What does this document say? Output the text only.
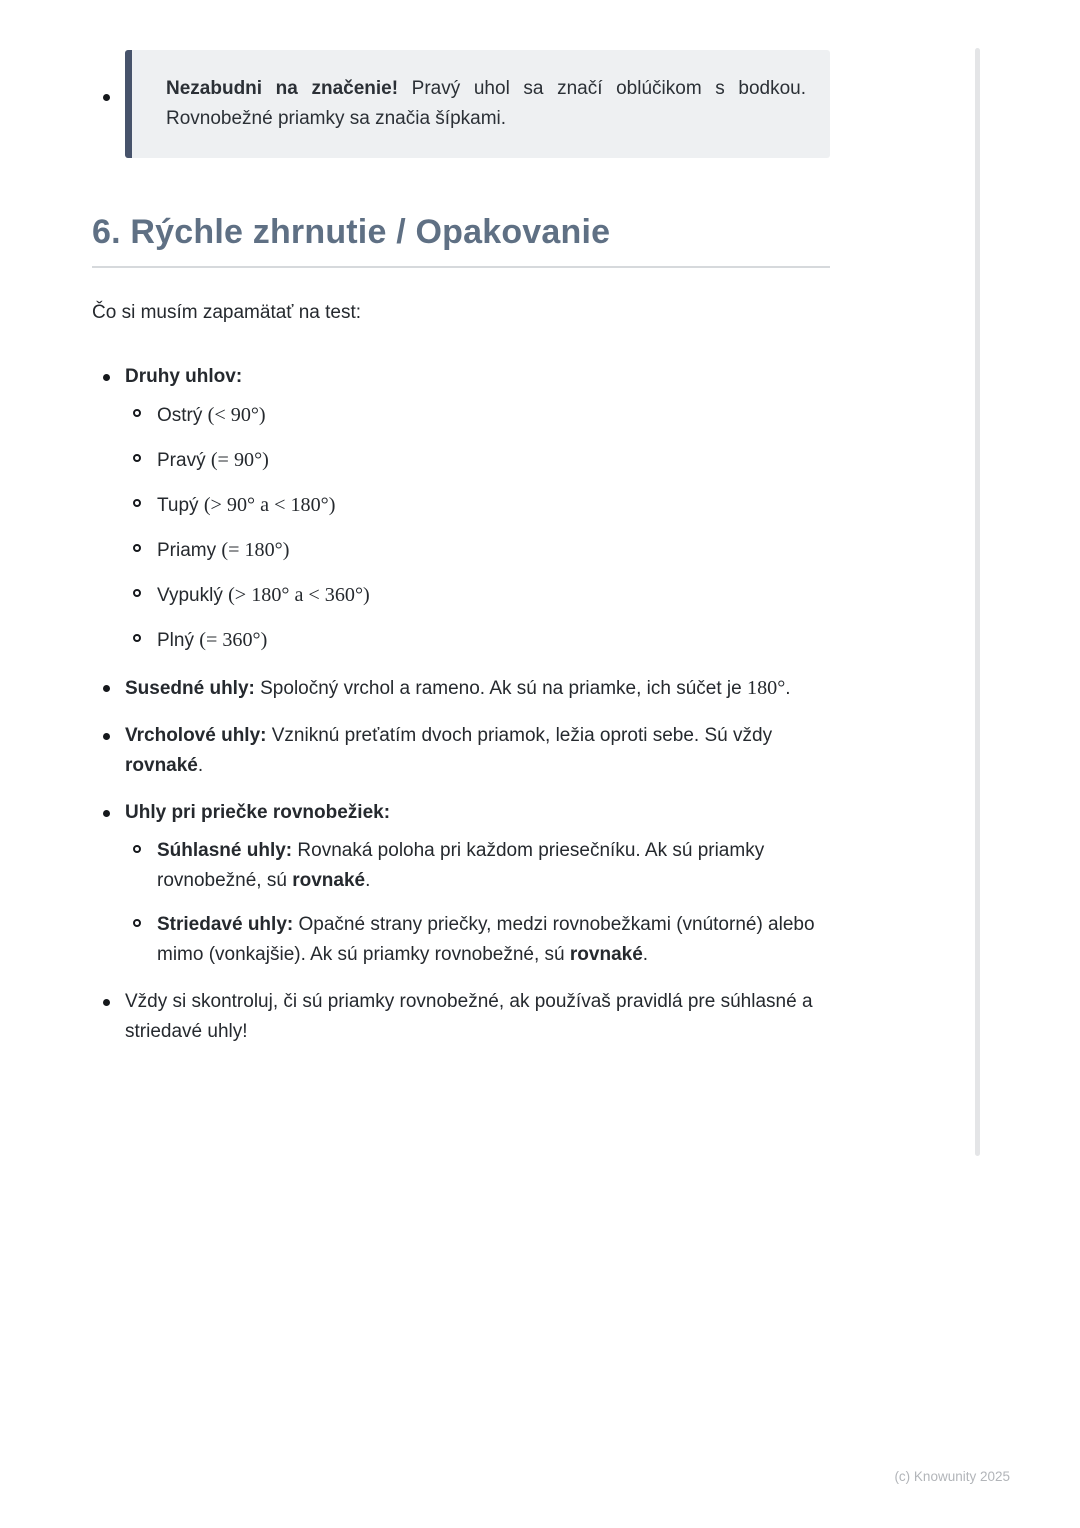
Nezabudni na značenie! Pravý uhol sa značí oblúčikom s bodkou. Rovnobežné priamky sa značia šípkami.
6. Rýchle zhrnutie / Opakovanie

Čo si musím zapamätať na test:

Druhy uhlov:
Ostrý (< 90°)
Pravý (= 90°)
Tupý (> 90° a < 180°)
Priamy (= 180°)
Vypuklý (> 180° a < 360°)
Plný (= 360°)
Susedné uhly: Spoločný vrchol a rameno. Ak sú na priamke, ich súčet je 180°.
Vrcholové uhly: Vzniknú preťatím dvoch priamok, ležia oproti sebe. Sú vždy rovnaké.
Uhly pri priečke rovnobežiek:
Súhlasné uhly: Rovnaká poloha pri každom priesečníku. Ak sú priamky rovnobežné, sú rovnaké.
Striedavé uhly: Opačné strany priečky, medzi rovnobežkami (vnútorné) alebo mimo (vonkajšie). Ak sú priamky rovnobežné, sú rovnaké.
Vždy si skontroluj, či sú priamky rovnobežné, ak používaš pravidlá pre súhlasné a striedavé uhly!
(c) Knowunity 2025
